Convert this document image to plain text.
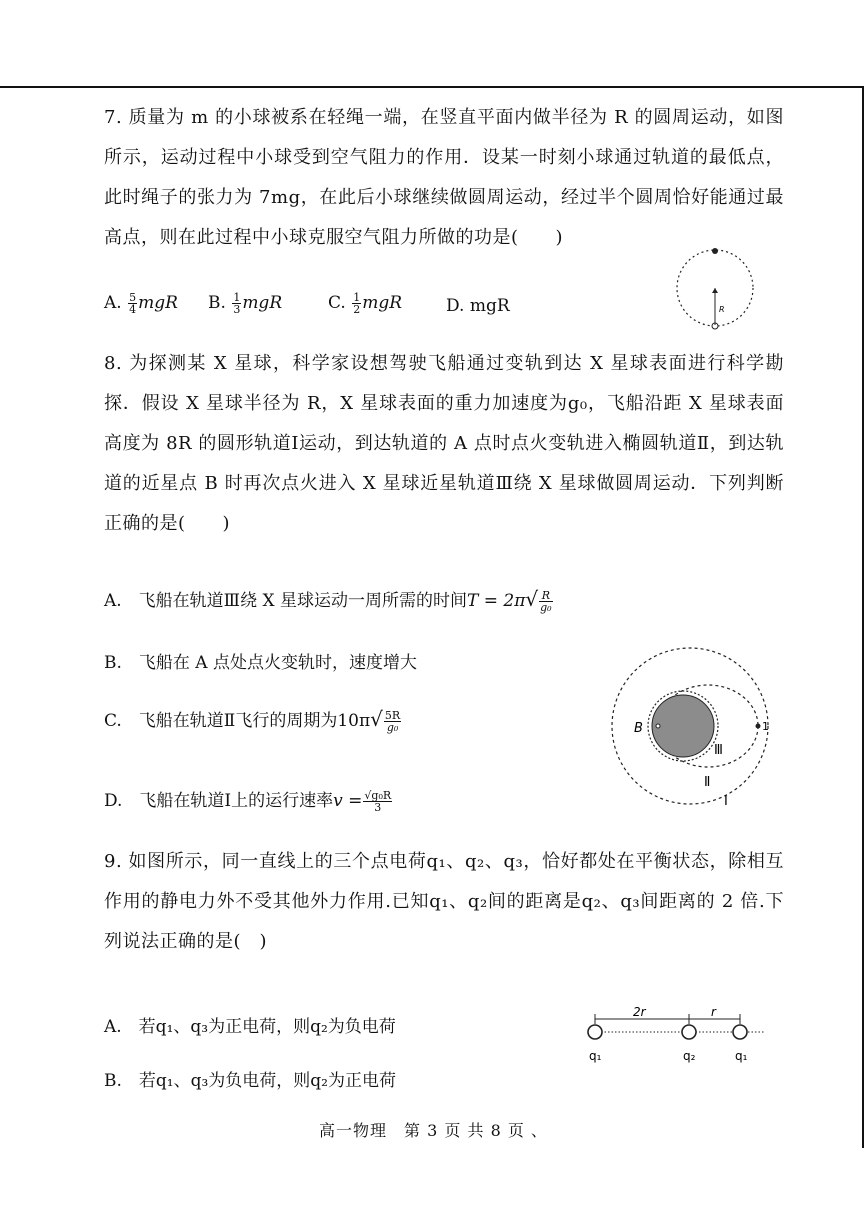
7. 质量为 m 的小球被系在轻绳一端，在竖直平面内做半径为 R 的圆周运动，如图所示，运动过程中小球受到空气阻力的作用．设某一时刻小球通过轨道的最低点，此时绳子的张力为 7mg，在此后小球继续做圆周运动，经过半个圆周恰好能通过最高点，则在此过程中小球克服空气阻力所做的功是(　　)
A. $\frac{5}{4}$ mgR B. $\frac{1}{3}$ mgR	C. $\frac{1}{2}$ mgR	D. mgR	R
8. 为探测某 X 星球，科学家设想驾驶飞船通过变轨到达 X 星球表面进行科学勘探．假设 X 星球半径为 R，X 星球表面的重力加速度为g₀，飞船沿距 X 星球表面高度为 8R 的圆形轨道Ⅰ运动，到达轨道的 A 点时点火变轨进入椭圆轨道Ⅱ，到达轨道的近星点 B 时再次点火进入 X 星球近星轨道Ⅲ绕 X 星球做圆周运动．下列判断正确的是(　　)
A.　飞船在轨道Ⅲ绕 X 星球运动一周所需的时间$T = 2\pi√ \frac{R}{\text{g₀}}$
B.　飞船在 A 点处点火变轨时，速度增大
C.　飞船在轨道Ⅱ飞行的周期为$10\pi√ \frac{5R}{\text{g₀}}$
D.　飞船在轨道Ⅰ上的运行速率$v = \frac{\text{√g₀R}}{3}$
B	1
Ⅲ
Ⅱ
Ⅰ
9. 如图所示，同一直线上的三个点电荷q₁、q₂、q₃，恰好都处在平衡状态，除相互作用的静电力外不受其他外力作用.已知q₁、q₂间的距离是q₂、q₃间距离的 2 倍.下列说法正确的是(　)
A.　若q₁、q₃为正电荷，则q₂为负电荷
B.　若q₁、q₃为负电荷，则q₂为正电荷
2r	r
q₁	q₂	q₁
高一物理　第 3 页 共 8 页 、
